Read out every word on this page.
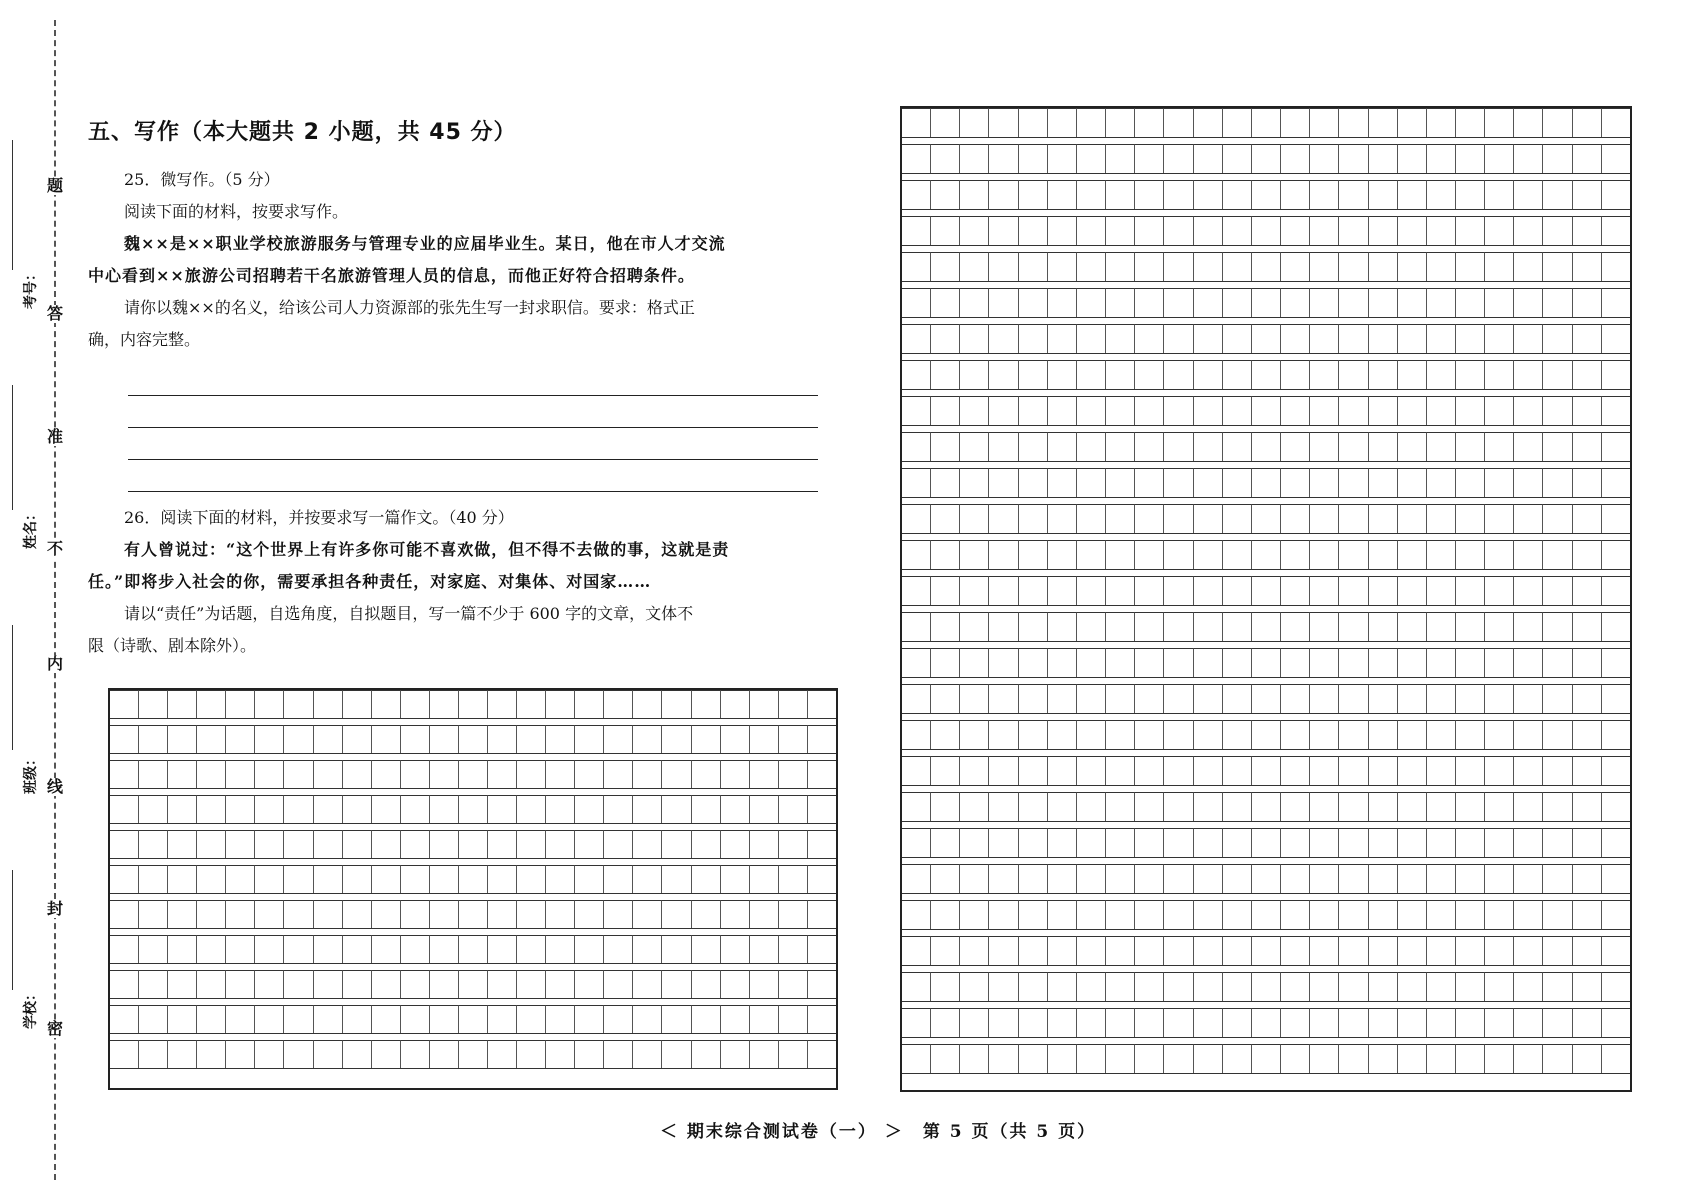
题
答
准
不
内
线
封
密
考号：
姓名：
班级：
学校：
五、写作（本大题共 2 小题，共 45 分）

25．微写作。（5 分）

阅读下面的材料，按要求写作。

魏××是××职业学校旅游服务与管理专业的应届毕业生。某日，他在市人才交流

中心看到××旅游公司招聘若干名旅游管理人员的信息，而他正好符合招聘条件。

请你以魏××的名义，给该公司人力资源部的张先生写一封求职信。要求：格式正

确，内容完整。

26．阅读下面的材料，并按要求写一篇作文。（40 分）

有人曾说过：“这个世界上有许多你可能不喜欢做，但不得不去做的事，这就是责

任。”即将步入社会的你，需要承担各种责任，对家庭、对集体、对国家……

请以“责任”为话题，自选角度，自拟题目，写一篇不少于 600 字的文章，文体不

限（诗歌、剧本除外）。

＜ 期末综合测试卷（一） ＞　第 5 页（共 5 页）
